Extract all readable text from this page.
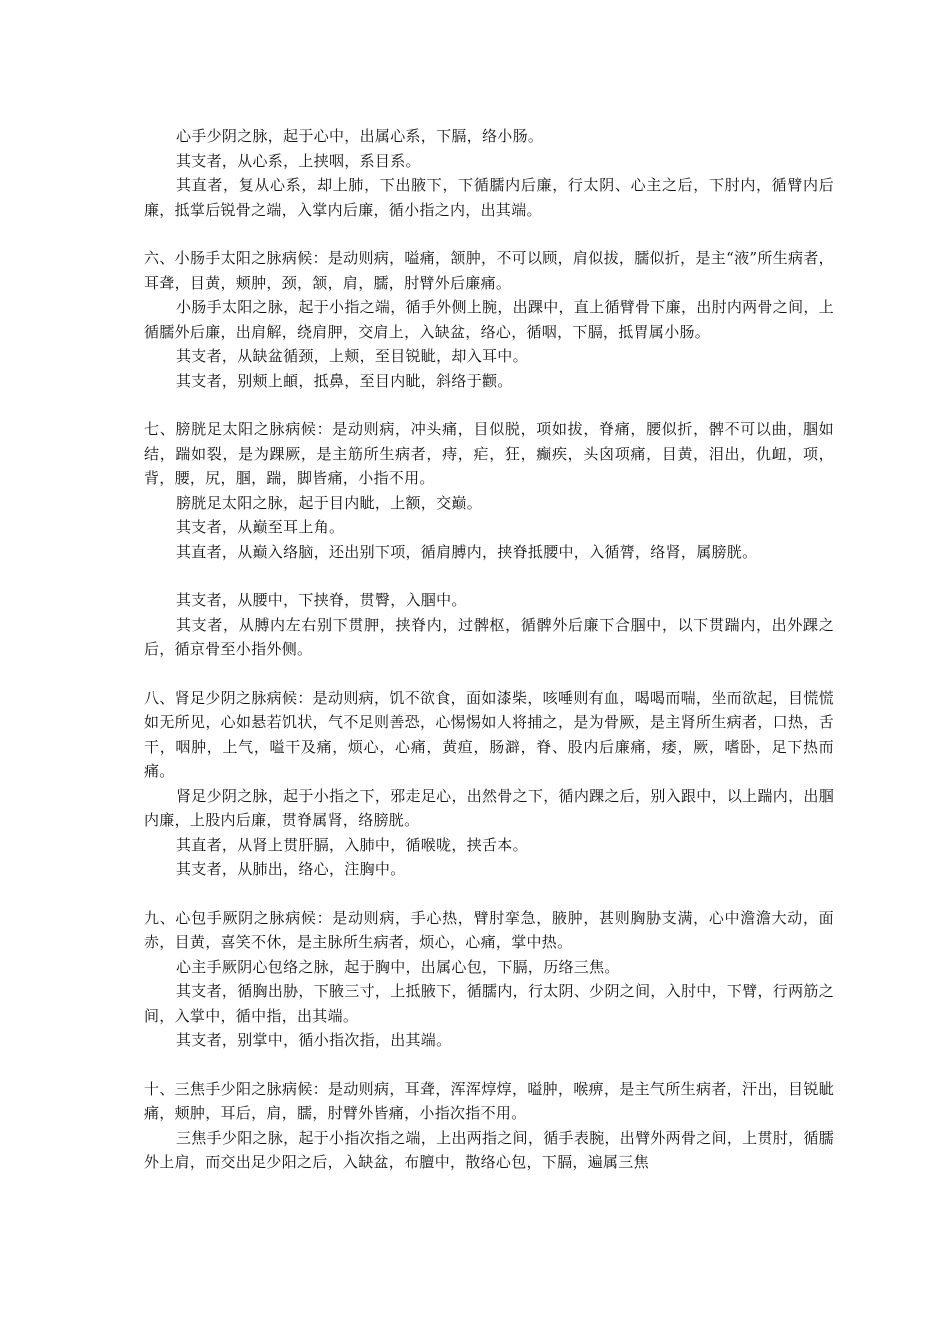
心手少阴之脉，起于心中，出属心系，下膈，络小肠。

其支者，从心系，上挟咽，系目系。

其直者，复从心系，却上肺，下出腋下，下循臑内后廉，行太阴、心主之后，下肘内，循臂内后廉，抵掌后锐骨之端，入掌内后廉，循小指之内，出其端。

六、小肠手太阳之脉病候：是动则病，嗌痛，颔肿，不可以顾，肩似拔，臑似折，是主“液”所生病者，耳聋，目黄，颊肿，颈，颔，肩，臑，肘臂外后廉痛。

小肠手太阳之脉，起于小指之端，循手外侧上腕，出踝中，直上循臂骨下廉，出肘内两骨之间，上循臑外后廉，出肩解，绕肩胛，交肩上，入缺盆，络心，循咽，下膈，抵胃属小肠。

其支者，从缺盆循颈，上颊，至目锐眦，却入耳中。

其支者，别颊上頔，抵鼻，至目内眦，斜络于颧。

七、膀胱足太阳之脉病候：是动则病，冲头痛，目似脱，项如拔，脊痛，腰似折，髀不可以曲，腘如结，踹如裂，是为踝厥，是主筋所生病者，痔，疟，狂，癫疾，头囟项痛，目黄，泪出，仇衄，项，背，腰，尻，腘，踹，脚皆痛，小指不用。

膀胱足太阳之脉，起于目内眦，上额，交巅。

其支者，从巅至耳上角。

其直者，从巅入络脑，还出别下项，循肩膊内，挟脊抵腰中，入循膂，络肾，属膀胱。

其支者，从腰中，下挟脊，贯臀，入腘中。

其支者，从膊内左右别下贯胛，挟脊内，过髀枢，循髀外后廉下合腘中，以下贯踹内，出外踝之后，循京骨至小指外侧。

八、肾足少阴之脉病候：是动则病，饥不欲食，面如漆柴，咳唾则有血，喝喝而喘，坐而欲起，目慌慌如无所见，心如悬若饥状，气不足则善恐，心惕惕如人将捕之，是为骨厥，是主肾所生病者，口热，舌干，咽肿，上气，嗌干及痛，烦心，心痛，黄疸，肠澼，脊、股内后廉痛，痿，厥，嗜卧，足下热而痛。

肾足少阴之脉，起于小指之下，邪走足心，出然骨之下，循内踝之后，别入跟中，以上踹内，出腘内廉，上股内后廉，贯脊属肾，络膀胱。

其直者，从肾上贯肝膈，入肺中，循喉咙，挟舌本。

其支者，从肺出，络心，注胸中。

九、心包手厥阴之脉病候：是动则病，手心热，臂肘挛急，腋肿，甚则胸胁支满，心中澹澹大动，面赤，目黄，喜笑不休，是主脉所生病者，烦心，心痛，掌中热。

心主手厥阴心包络之脉，起于胸中，出属心包，下膈，历络三焦。

其支者，循胸出胁，下腋三寸，上抵腋下，循臑内，行太阴、少阴之间，入肘中，下臂，行两筋之间，入掌中，循中指，出其端。

其支者，别掌中，循小指次指，出其端。

十、三焦手少阳之脉病候：是动则病，耳聋，浑浑焞焞，嗌肿，喉痹，是主气所生病者，汗出，目锐眦痛，颊肿，耳后，肩，臑，肘臂外皆痛，小指次指不用。

三焦手少阳之脉，起于小指次指之端，上出两指之间，循手表腕，出臂外两骨之间，上贯肘，循臑外上肩，而交出足少阳之后，入缺盆，布膻中，散络心包，下膈，遍属三焦
